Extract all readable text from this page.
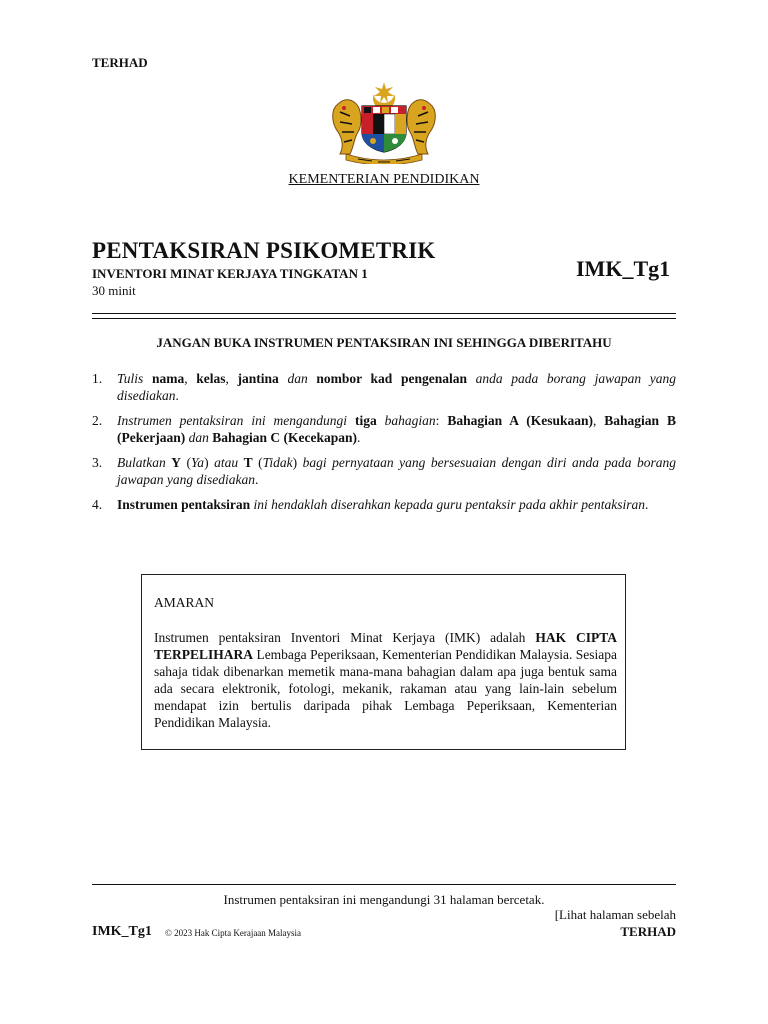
TERHAD
KEMENTERIAN PENDIDIKAN
PENTAKSIRAN PSIKOMETRIK
INVENTORI MINAT KERJAYA TINGKATAN 1
30 minit
IMK_Tg1
JANGAN BUKA INSTRUMEN PENTAKSIRAN INI SEHINGGA DIBERITAHU
1.	Tulis nama, kelas, jantina dan nombor kad pengenalan anda pada borang jawapan yang disediakan.
2.	Instrumen pentaksiran ini mengandungi tiga bahagian: Bahagian A (Kesukaan), Bahagian B (Pekerjaan) dan Bahagian C (Kecekapan).
3.	Bulatkan Y (Ya) atau T (Tidak) bagi pernyataan yang bersesuaian dengan diri anda pada borang jawapan yang disediakan.
4.	Instrumen pentaksiran ini hendaklah diserahkan kepada guru pentaksir pada akhir pentaksiran.
AMARAN
Instrumen pentaksiran Inventori Minat Kerjaya (IMK) adalah HAK CIPTA TERPELIHARA Lembaga Peperiksaan, Kementerian Pendidikan Malaysia. Sesiapa sahaja tidak dibenarkan memetik mana-mana bahagian dalam apa juga bentuk sama ada secara elektronik, fotologi, mekanik, rakaman atau yang lain-lain sebelum mendapat izin bertulis daripada pihak Lembaga Peperiksaan, Kementerian Pendidikan Malaysia.
Instrumen pentaksiran ini mengandungi 31 halaman bercetak.
[Lihat halaman sebelah
IMK_Tg1 © 2023 Hak Cipta Kerajaan Malaysia	TERHAD
